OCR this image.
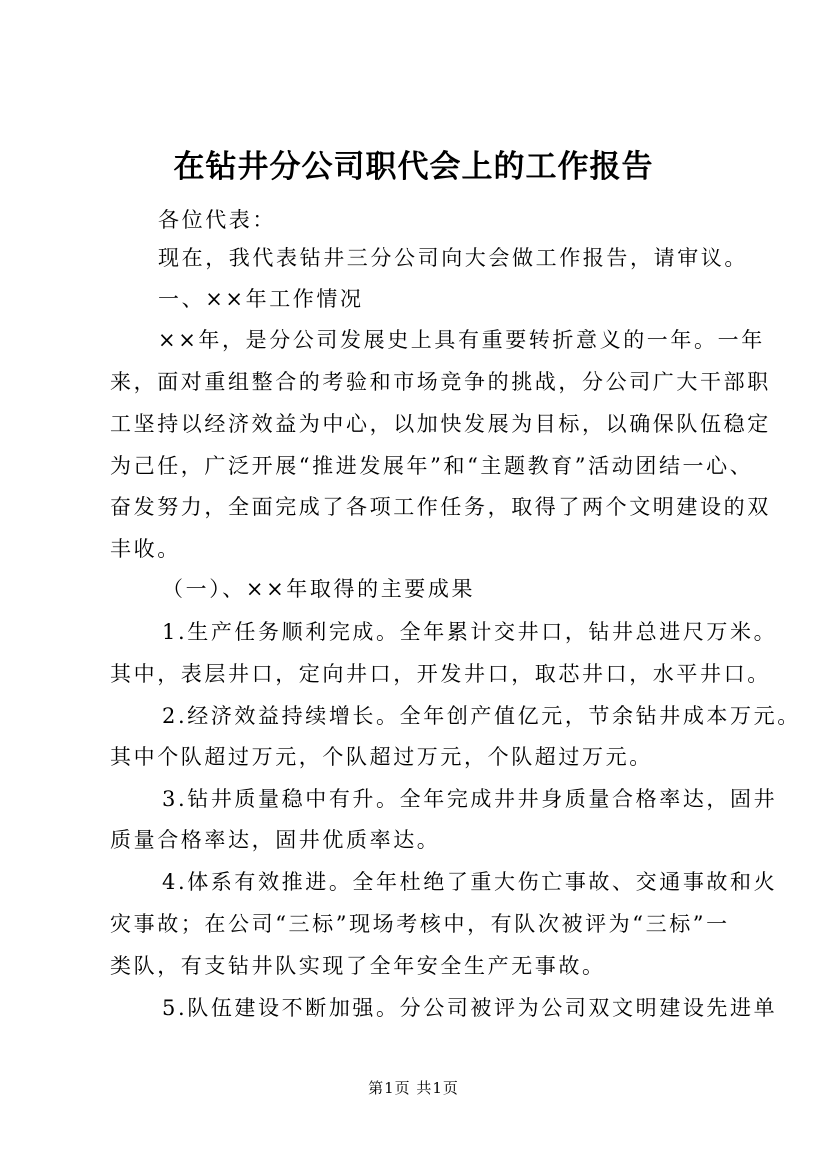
在钻井分公司职代会上的工作报告
各位代表：
现在，我代表钻井三分公司向大会做工作报告，请审议。
一、××年工作情况
××年，是分公司发展史上具有重要转折意义的一年。一年
来，面对重组整合的考验和市场竞争的挑战，分公司广大干部职
工坚持以经济效益为中心，以加快发展为目标，以确保队伍稳定
为己任，广泛开展“推进发展年”和“主题教育”活动团结一心、
奋发努力，全面完成了各项工作任务，取得了两个文明建设的双
丰收。
（一）、××年取得的主要成果
1.生产任务顺利完成。全年累计交井口，钻井总进尺万米。
其中，表层井口，定向井口，开发井口，取芯井口，水平井口。
2.经济效益持续增长。全年创产值亿元，节余钻井成本万元。
其中个队超过万元，个队超过万元，个队超过万元。
3.钻井质量稳中有升。全年完成井井身质量合格率达，固井
质量合格率达，固井优质率达。
4.体系有效推进。全年杜绝了重大伤亡事故、交通事故和火
灾事故；在公司“三标”现场考核中，有队次被评为“三标”一
类队，有支钻井队实现了全年安全生产无事故。
5.队伍建设不断加强。分公司被评为公司双文明建设先进单
第1页 共1页
